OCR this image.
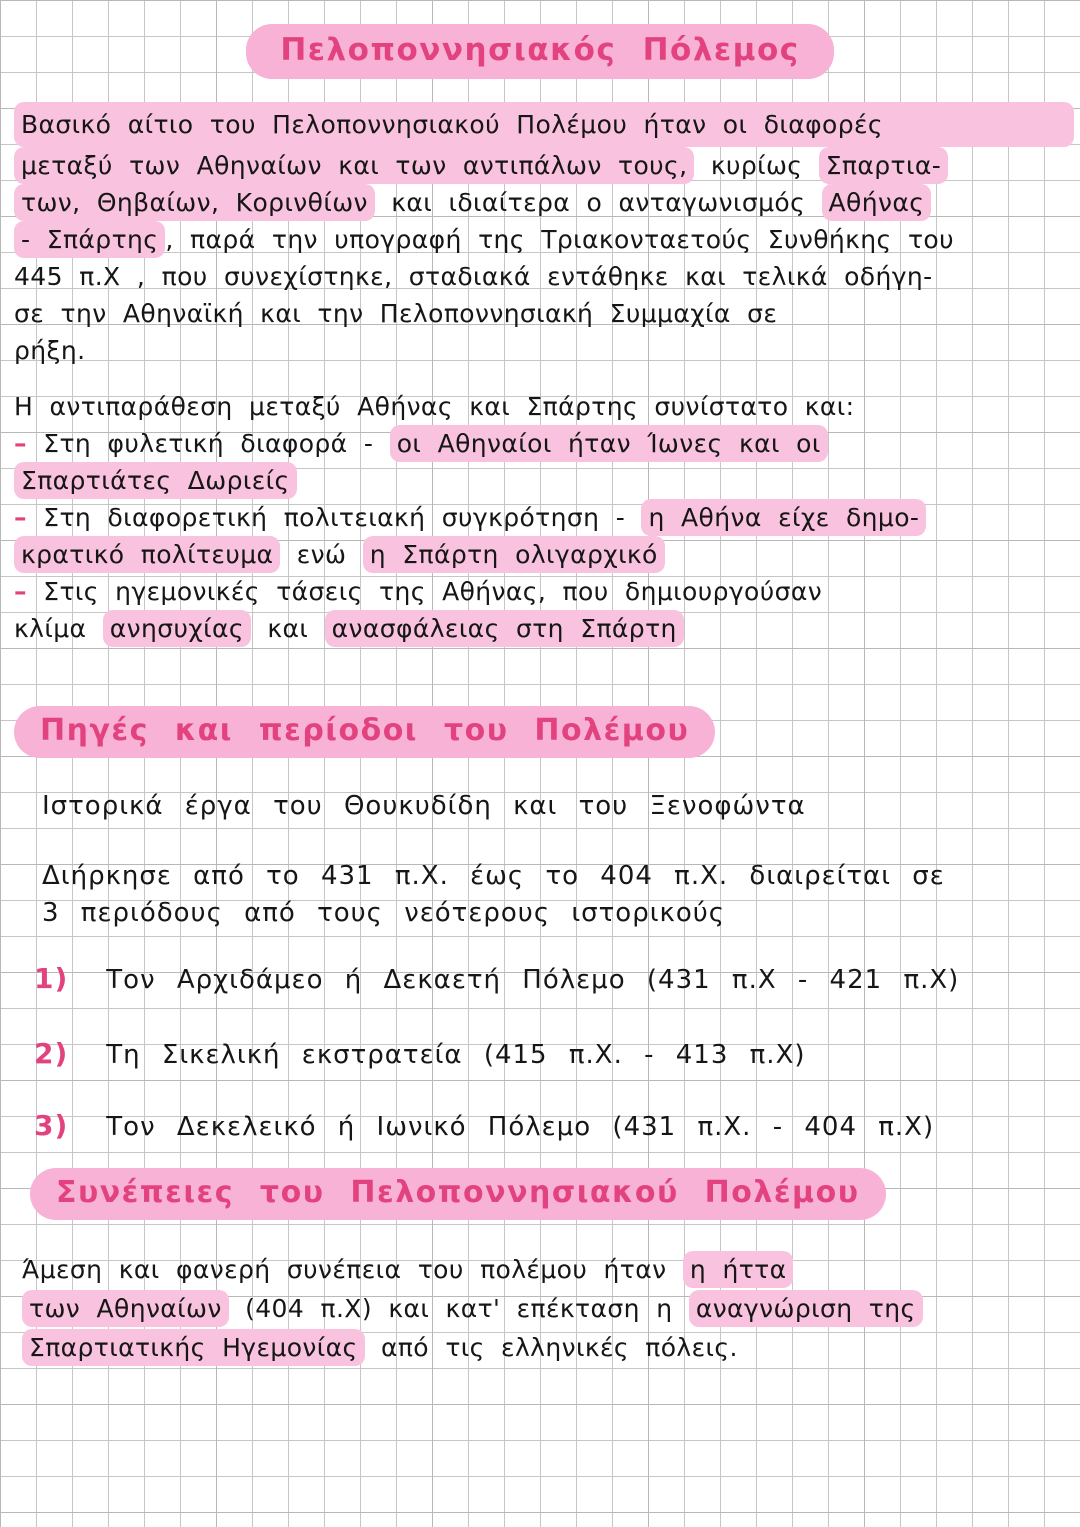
Πελοποννησιακός Πόλεμος
Βασικό αίτιο του Πελοποννησιακού Πολέμου ήταν οι διαφορές
μεταξύ των Αθηναίων και των αντιπάλων τους, κυρίως Σπαρτια-
των, Θηβαίων, Κορινθίων και ιδιαίτερα ο ανταγωνισμός Αθήνας
- Σπάρτης , παρά την υπογραφή της Τριακονταετούς Συνθήκης του
445 π.Χ , που συνεχίστηκε, σταδιακά εντάθηκε και τελικά οδήγη-
σε την Αθηναϊκή και την Πελοποννησιακή Συμμαχία σε
ρήξη.
Η αντιπαράθεση μεταξύ Αθήνας και Σπάρτης συνίστατο και:
– Στη φυλετική διαφορά - οι Αθηναίοι ήταν Ίωνες και οι
Σπαρτιάτες Δωριείς
– Στη διαφορετική πολιτειακή συγκρότηση - η Αθήνα είχε δημο-
κρατικό πολίτευμα ενώ η Σπάρτη ολιγαρχικό
– Στις ηγεμονικές τάσεις της Αθήνας, που δημιουργούσαν
κλίμα ανησυχίας και ανασφάλειας στη Σπάρτη
Πηγές και περίοδοι του Πολέμου
Ιστορικά έργα του Θουκυδίδη και του Ξενοφώντα
Διήρκησε από το 431 π.Χ. έως το 404 π.Χ. διαιρείται σε
3 περιόδους από τους νεότερους ιστορικούς
1) Τον Αρχιδάμεο ή Δεκαετή Πόλεμο (431 π.Χ - 421 π.Χ)
2) Τη Σικελική εκστρατεία (415 π.Χ. - 413 π.Χ)
3) Τον Δεκελεικό ή Ιωνικό Πόλεμο (431 π.Χ. - 404 π.Χ)
Συνέπειες του Πελοποννησιακού Πολέμου
Άμεση και φανερή συνέπεια του πολέμου ήταν η ήττα
των Αθηναίων (404 π.Χ) και κατ' επέκταση η αναγνώριση της
Σπαρτιατικής Ηγεμονίας από τις ελληνικές πόλεις.
